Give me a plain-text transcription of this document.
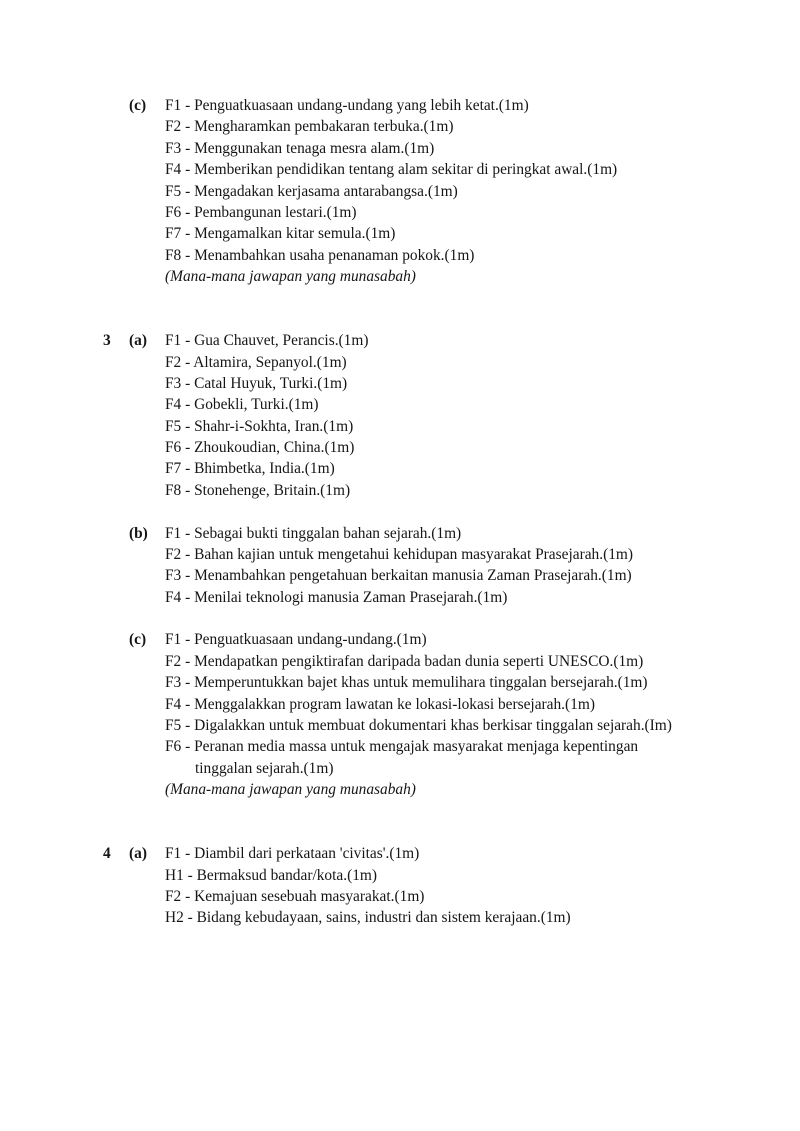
(c) F1 - Penguatkuasaan undang-undang yang lebih ketat.(1m)
F2 - Mengharamkan pembakaran terbuka.(1m)
F3 - Menggunakan tenaga mesra alam.(1m)
F4 - Memberikan pendidikan tentang alam sekitar di peringkat awal.(1m)
F5 - Mengadakan kerjasama antarabangsa.(1m)
F6 - Pembangunan lestari.(1m)
F7 - Mengamalkan kitar semula.(1m)
F8 - Menambahkan usaha penanaman pokok.(1m)
(Mana-mana jawapan yang munasabah)
3 (a) F1 - Gua Chauvet, Perancis.(1m)
F2 - Altamira, Sepanyol.(1m)
F3 - Catal Huyuk, Turki.(1m)
F4 - Gobekli, Turki.(1m)
F5 - Shahr-i-Sokhta, Iran.(1m)
F6 - Zhoukoudian, China.(1m)
F7 - Bhimbetka, India.(1m)
F8 - Stonehenge, Britain.(1m)
(b) F1 - Sebagai bukti tinggalan bahan sejarah.(1m)
F2 - Bahan kajian untuk mengetahui kehidupan masyarakat Prasejarah.(1m)
F3 - Menambahkan pengetahuan berkaitan manusia Zaman Prasejarah.(1m)
F4 - Menilai teknologi manusia Zaman Prasejarah.(1m)
(c) F1 - Penguatkuasaan undang-undang.(1m)
F2 - Mendapatkan pengiktirafan daripada badan dunia seperti UNESCO.(1m)
F3 - Memperuntukkan bajet khas untuk memulihara tinggalan bersejarah.(1m)
F4 - Menggalakkan program lawatan ke lokasi-lokasi bersejarah.(1m)
F5 - Digalakkan untuk membuat dokumentari khas berkisar tinggalan sejarah.(Im)
F6 - Peranan media massa untuk mengajak masyarakat menjaga kepentingan
tinggalan sejarah.(1m)
(Mana-mana jawapan yang munasabah)
4 (a) F1 - Diambil dari perkataan 'civitas'.(1m)
H1 - Bermaksud bandar/kota.(1m)
F2 - Kemajuan sesebuah masyarakat.(1m)
H2 - Bidang kebudayaan, sains, industri dan sistem kerajaan.(1m)
